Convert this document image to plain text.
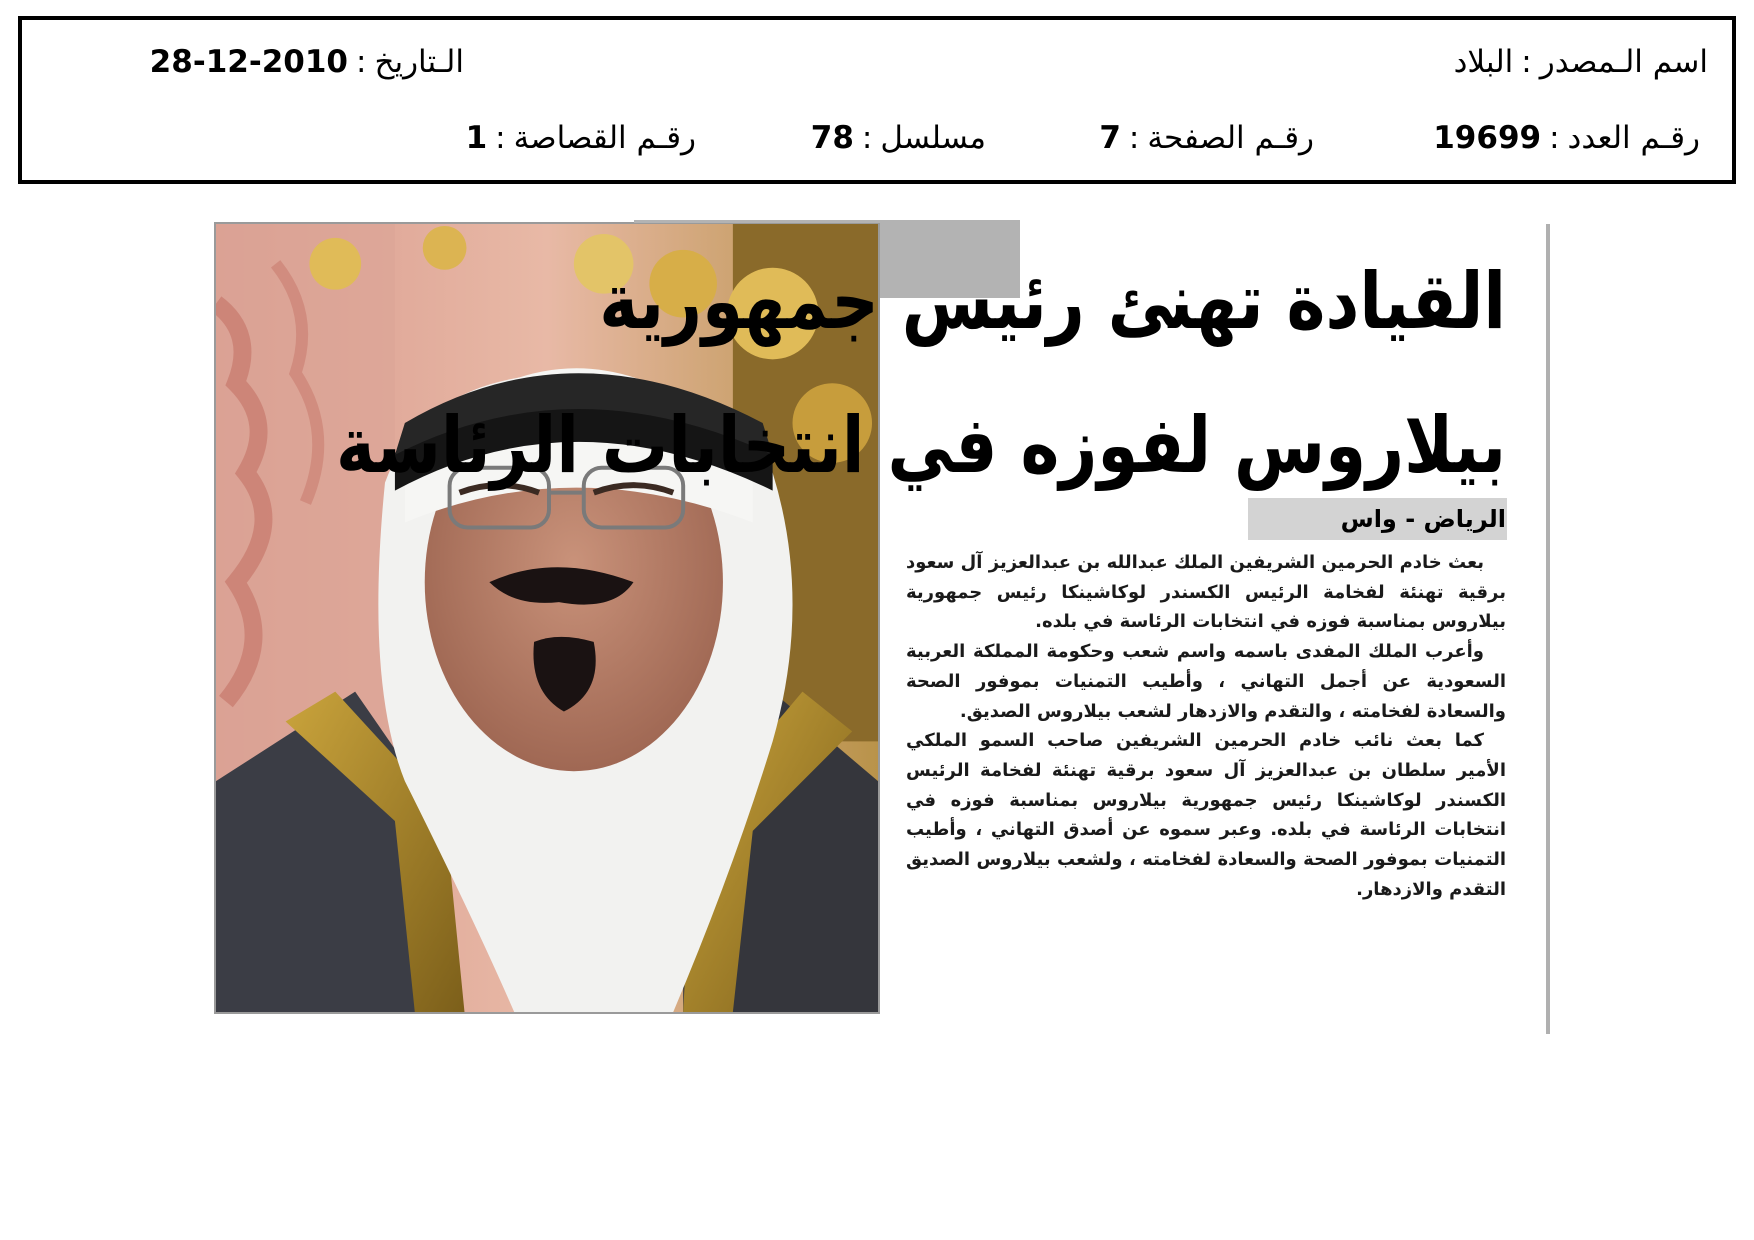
اسم الـمصدر:البلاد
الـتاريخ:2010-12-28
رقـم العدد:19699
رقـم الصفحة:7
مسلسل:78
رقـم القصاصة:1
القيادة تهنئ رئيس جمهورية
بيلاروس لفوزه في انتخابات الرئاسة
الرياض - واس

بعث خادم الحرمين الشريفين الملك عبدالله بن عبدالعزيز آل سعود برقية تهنئة لفخامة الرئيس الكسندر لوكاشينكا رئيس جمهورية بيلاروس بمناسبة فوزه في انتخابات الرئاسة في بلده.

وأعرب الملك المفدى باسمه واسم شعب وحكومة المملكة العربية السعودية عن أجمل التهاني ، وأطيب التمنيات بموفور الصحة والسعادة لفخامته ، والتقدم والازدهار لشعب بيلاروس الصديق.

كما بعث نائب خادم الحرمين الشريفين صاحب السمو الملكي الأمير سلطان بن عبدالعزيز آل سعود برقية تهنئة لفخامة الرئيس الكسندر لوكاشينكا رئيس جمهورية بيلاروس بمناسبة فوزه في انتخابات الرئاسة في بلده. وعبر سموه عن أصدق التهاني ، وأطيب التمنيات بموفور الصحة والسعادة لفخامته ، ولشعب بيلاروس الصديق التقدم والازدهار.
